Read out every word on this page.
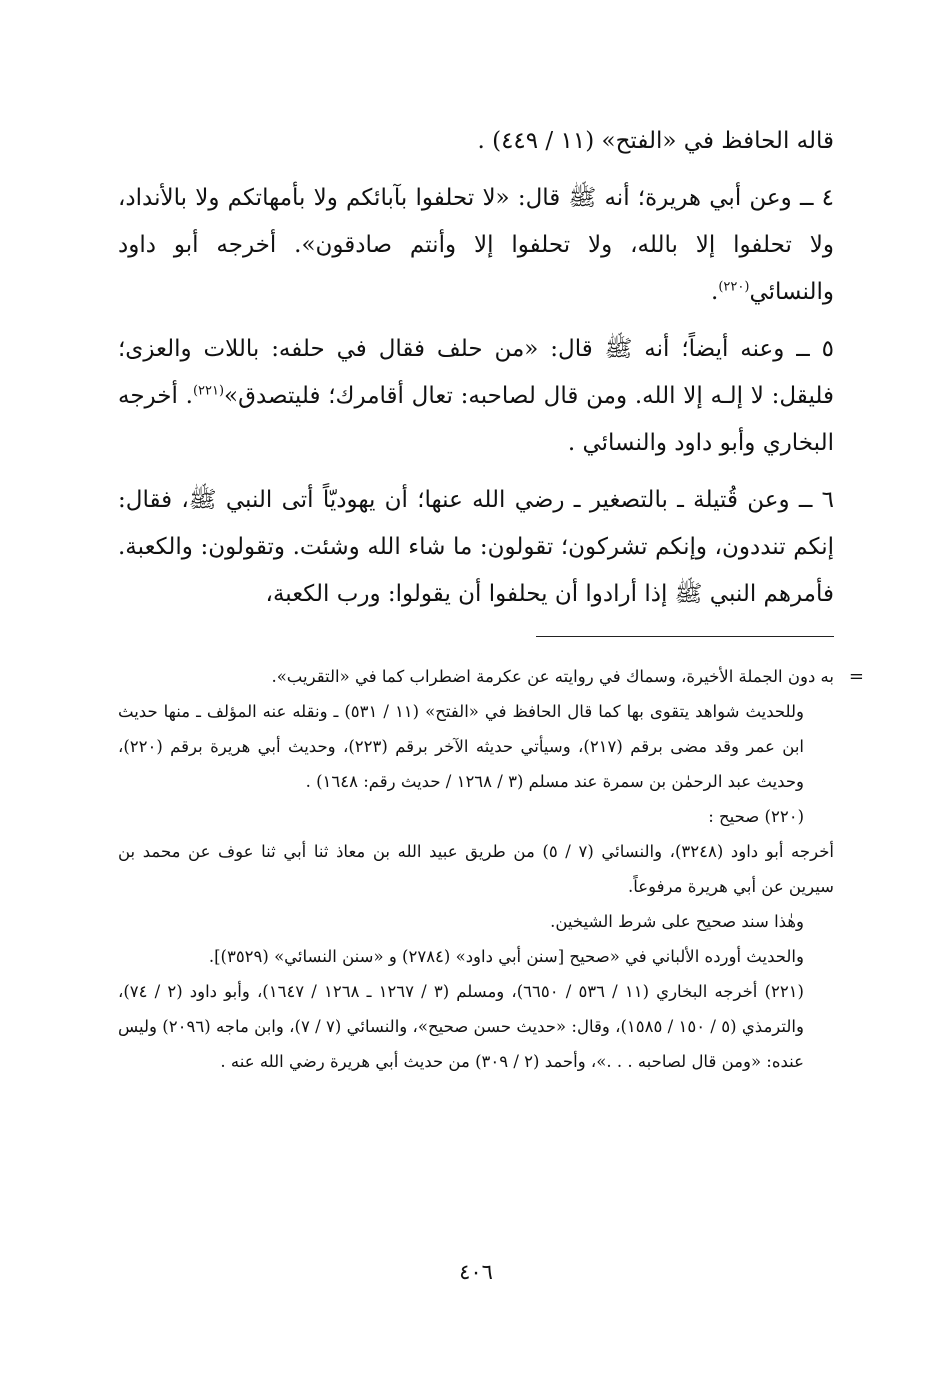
قاله الحافظ في «الفتح» (١١ / ٤٤٩) .

٤ ــ وعن أبي هريرة؛ أنه ﷺ قال: «لا تحلفوا بآبائكم ولا بأمهاتكم ولا بالأنداد، ولا تحلفوا إلا بالله، ولا تحلفوا إلا وأنتم صادقون». أخرجه أبو داود والنسائي$^{(٢٢٠)}$.

٥ ــ وعنه أيضاً؛ أنه ﷺ قال: «من حلف فقال في حلفه: باللات والعزى؛ فليقل: لا إلـه إلا الله. ومن قال لصاحبه: تعال أقامرك؛ فليتصدق»$^{(٢٢١)}$. أخرجه البخاري وأبو داود والنسائي .

٦ ــ وعن قُتيلة ـ بالتصغير ـ رضي الله عنها؛ أن يهوديّاً أتى النبي ﷺ، فقال: إنكم تنددون، وإنكم تشركون؛ تقولون: ما شاء الله وشئت. وتقولون: والكعبة. فأمرهم النبي ﷺ إذا أرادوا أن يحلفوا أن يقولوا: ورب الكعبة،

=
به دون الجملة الأخيرة، وسماك في روايته عن عكرمة اضطراب كما في «التقريب».

وللحديث شواهد يتقوى بها كما قال الحافظ في «الفتح» (١١ / ٥٣١) ـ ونقله عنه المؤلف ـ منها حديث ابن عمر وقد مضى برقم (٢١٧)، وسيأتي حديثه الآخر برقم (٢٢٣)، وحديث أبي هريرة برقم (٢٢٠)، وحديث عبد الرحمٰن بن سمرة عند مسلم (٣ / ١٢٦٨ / حديث رقم: ١٦٤٨) .

(٢٢٠) صحيح :

أخرجه أبو داود (٣٢٤٨)، والنسائي (٧ / ٥) من طريق عبيد الله بن معاذ ثنا أبي ثنا عوف عن محمد بن سيرين عن أبي هريرة مرفوعاً.

وهٰذا سند صحيح على شرط الشيخين.

والحديث أورده الألباني في «صحيح [سنن أبي داود» (٢٧٨٤) و «سنن النسائي» (٣٥٢٩)].

(٢٢١) أخرجه البخاري (١١ / ٥٣٦ / ٦٦٥٠)، ومسلم (٣ / ١٢٦٧ ـ ١٢٦٨ / ١٦٤٧)، وأبو داود (٢ / ٧٤)، والترمذي (٥ / ١٥٠ / ١٥٨٥)، وقال: «حديث حسن صحيح»، والنسائي (٧ / ٧)، وابن ماجه (٢٠٩٦) وليس عنده: «ومن قال لصاحبه . . .»، وأحمد (٢ / ٣٠٩) من حديث أبي هريرة رضي الله عنه .

٤٠٦
